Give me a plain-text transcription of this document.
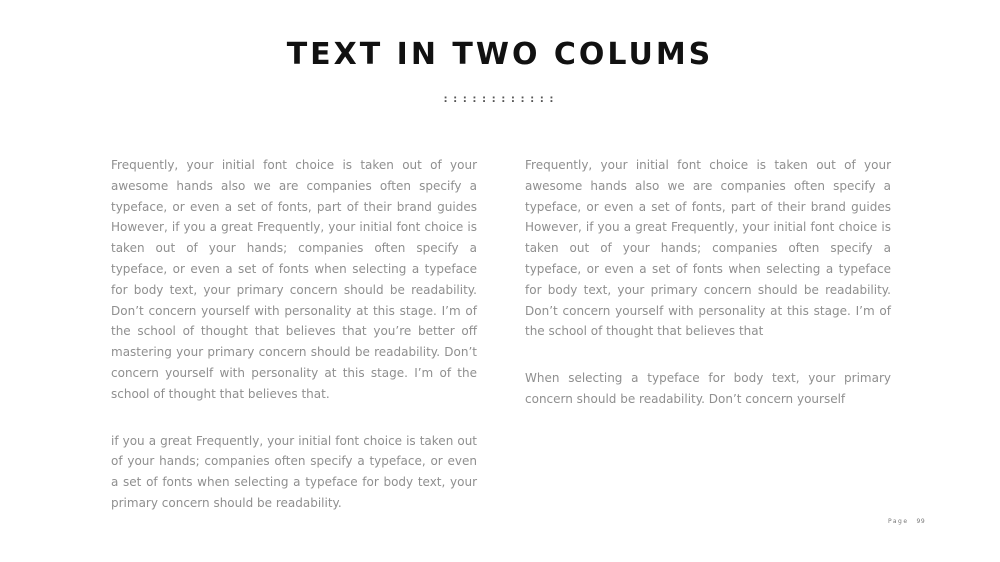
TEXT IN TWO COLUMS
::::::::::::

Frequently, your initial font choice is taken out of your awesome hands also we are companies often specify a typeface, or even a set of fonts, part of their brand guides However, if you a great Frequently, your initial font choice is taken out of your hands; companies often specify a typeface, or even a set of fonts when selecting a typeface for body text, your primary concern should be readability. Don’t concern yourself with personality at this stage. I’m of the school of thought that believes that you’re better off mastering your primary concern should be readability. Don’t concern yourself with personality at this stage. I’m of the school of thought that believes that.

if you a great Frequently, your initial font choice is taken out of your hands; companies often specify a typeface, or even a set of fonts when selecting a typeface for body text, your primary concern should be readability.

Frequently, your initial font choice is taken out of your awesome hands also we are companies often specify a typeface, or even a set of fonts, part of their brand guides However, if you a great Frequently, your initial font choice is taken out of your hands; companies often specify a typeface, or even a set of fonts when selecting a typeface for body text, your primary concern should be readability. Don’t concern yourself with personality at this stage. I’m of the school of thought that believes that

When selecting a typeface for body text, your primary concern should be readability. Don’t concern yourself

Page 99
